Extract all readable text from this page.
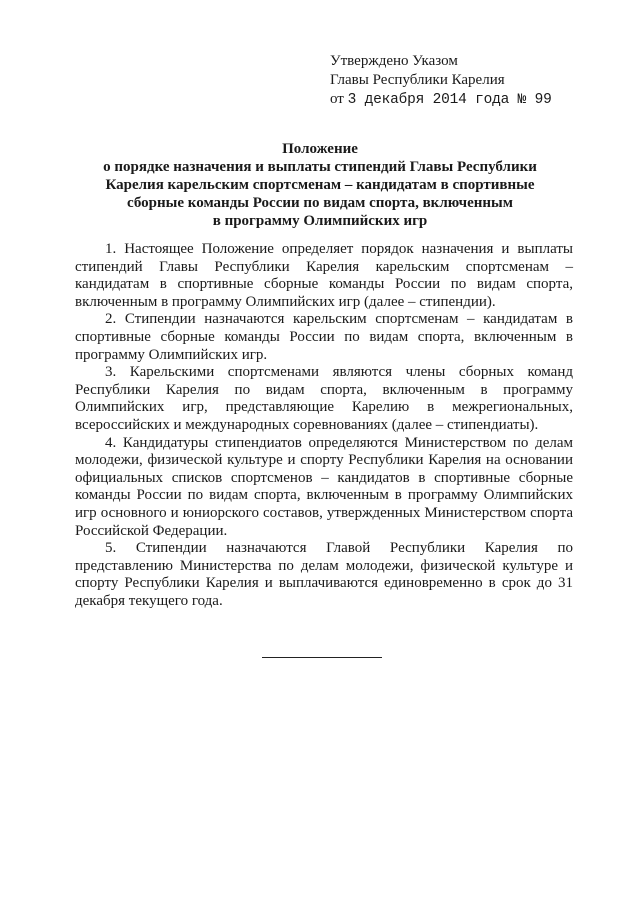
Утверждено Указом
Главы Республики Карелия
от 3 декабря 2014 года № 99
Положение
о порядке назначения и выплаты стипендий Главы Республики
Карелия карельским спортсменам – кандидатам в спортивные
сборные команды России по видам спорта, включенным
в программу Олимпийских игр

1. Настоящее Положение определяет порядок назначения и выплаты стипендий Главы Республики Карелия карельским спортсменам – кандидатам в спортивные сборные команды России по видам спорта, включенным в программу Олимпийских игр (далее – стипендии).

2. Стипендии назначаются карельским спортсменам – кандидатам в спортивные сборные команды России по видам спорта, включенным в программу Олимпийских игр.

3. Карельскими спортсменами являются члены сборных команд Республики Карелия по видам спорта, включенным в программу Олимпийских игр, представляющие Карелию в межрегиональных, всероссийских и международных соревнованиях (далее – стипендиаты).

4. Кандидатуры стипендиатов определяются Министерством по делам молодежи, физической культуре и спорту Республики Карелия на основании официальных списков спортсменов – кандидатов в спортивные сборные команды России по видам спорта, включенным в программу Олимпийских игр основного и юниорского составов, утвержденных Министерством спорта Российской Федерации.

5. Стипендии назначаются Главой Республики Карелия по представлению Министерства по делам молодежи, физической культуре и спорту Республики Карелия и выплачиваются единовременно в срок до 31 декабря текущего года.
